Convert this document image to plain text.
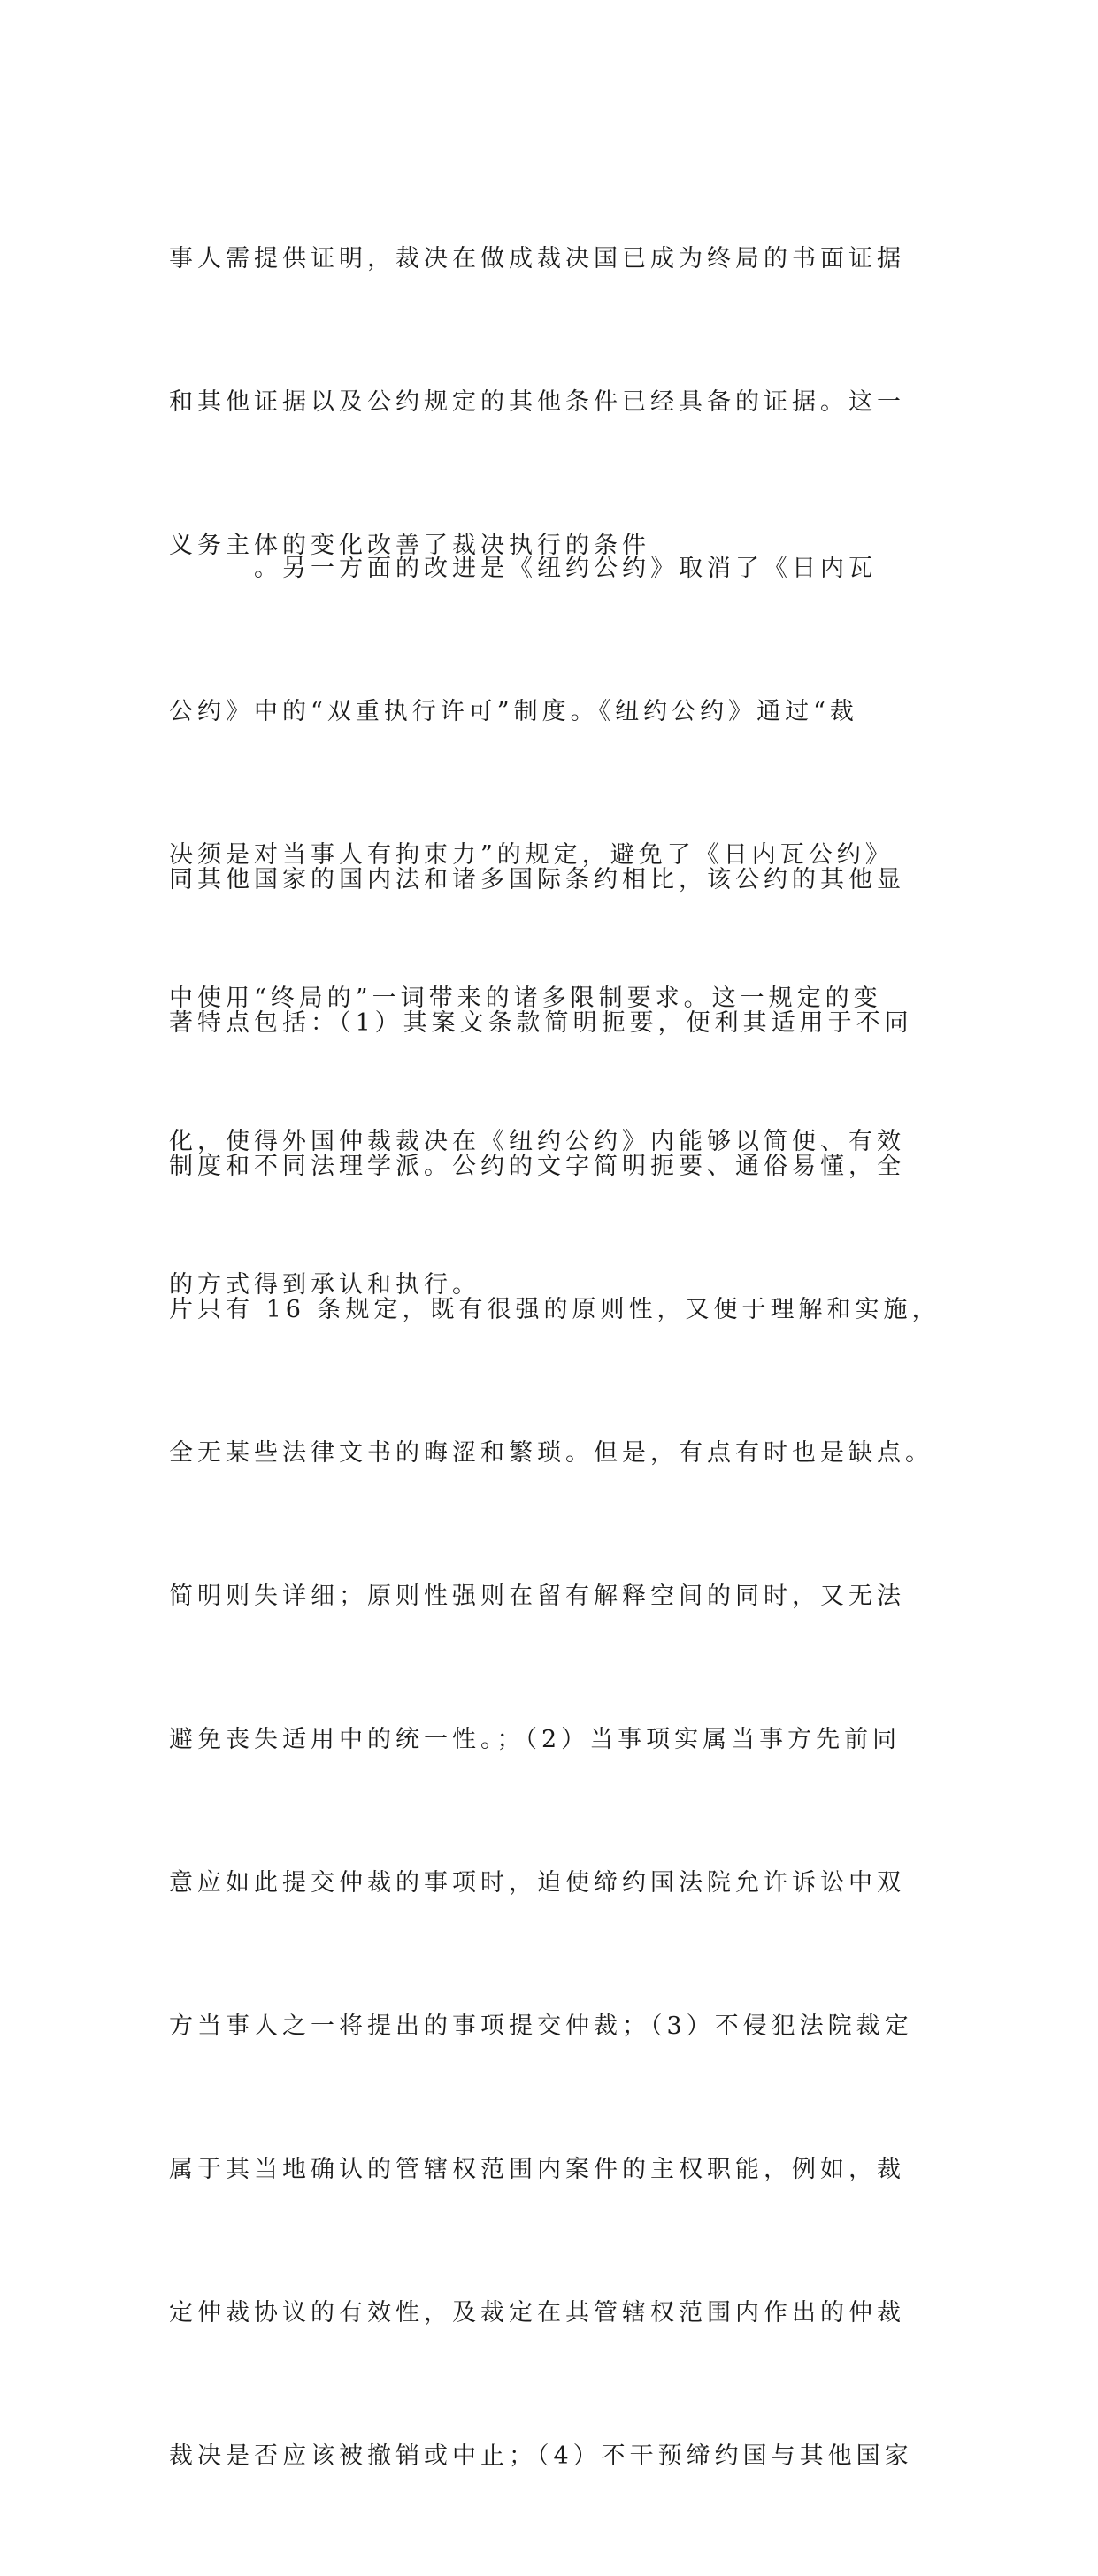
事人需提供证明，裁决在做成裁决国已成为终局的书面证据

和其他证据以及公约规定的其他条件已经具备的证据。这一

义务主体的变化改善了裁决执行的条件

。另一方面的改进是《纽约公约》取消了《日内瓦

公约》中的“双重执行许可”制度。《纽约公约》通过“裁

决须是对当事人有拘束力”的规定，避免了《日内瓦公约》

中使用“终局的”一词带来的诸多限制要求。这一规定的变

化，使得外国仲裁裁决在《纽约公约》内能够以简便、有效

的方式得到承认和执行。

同其他国家的国内法和诸多国际条约相比，该公约的其他显

著特点包括：（1）其案文条款简明扼要，便利其适用于不同

制度和不同法理学派。公约的文字简明扼要、通俗易懂，全

片只有 16 条规定，既有很强的原则性，又便于理解和实施，

全无某些法律文书的晦涩和繁琐。但是，有点有时也是缺点。

简明则失详细；原则性强则在留有解释空间的同时，又无法

避免丧失适用中的统一性。；（2）当事项实属当事方先前同

意应如此提交仲裁的事项时，迫使缔约国法院允许诉讼中双

方当事人之一将提出的事项提交仲裁；（3）不侵犯法院裁定

属于其当地确认的管辖权范围内案件的主权职能，例如，裁

定仲裁协议的有效性，及裁定在其管辖权范围内作出的仲裁

裁决是否应该被撤销或中止；（4）不干预缔约国与其他国家
